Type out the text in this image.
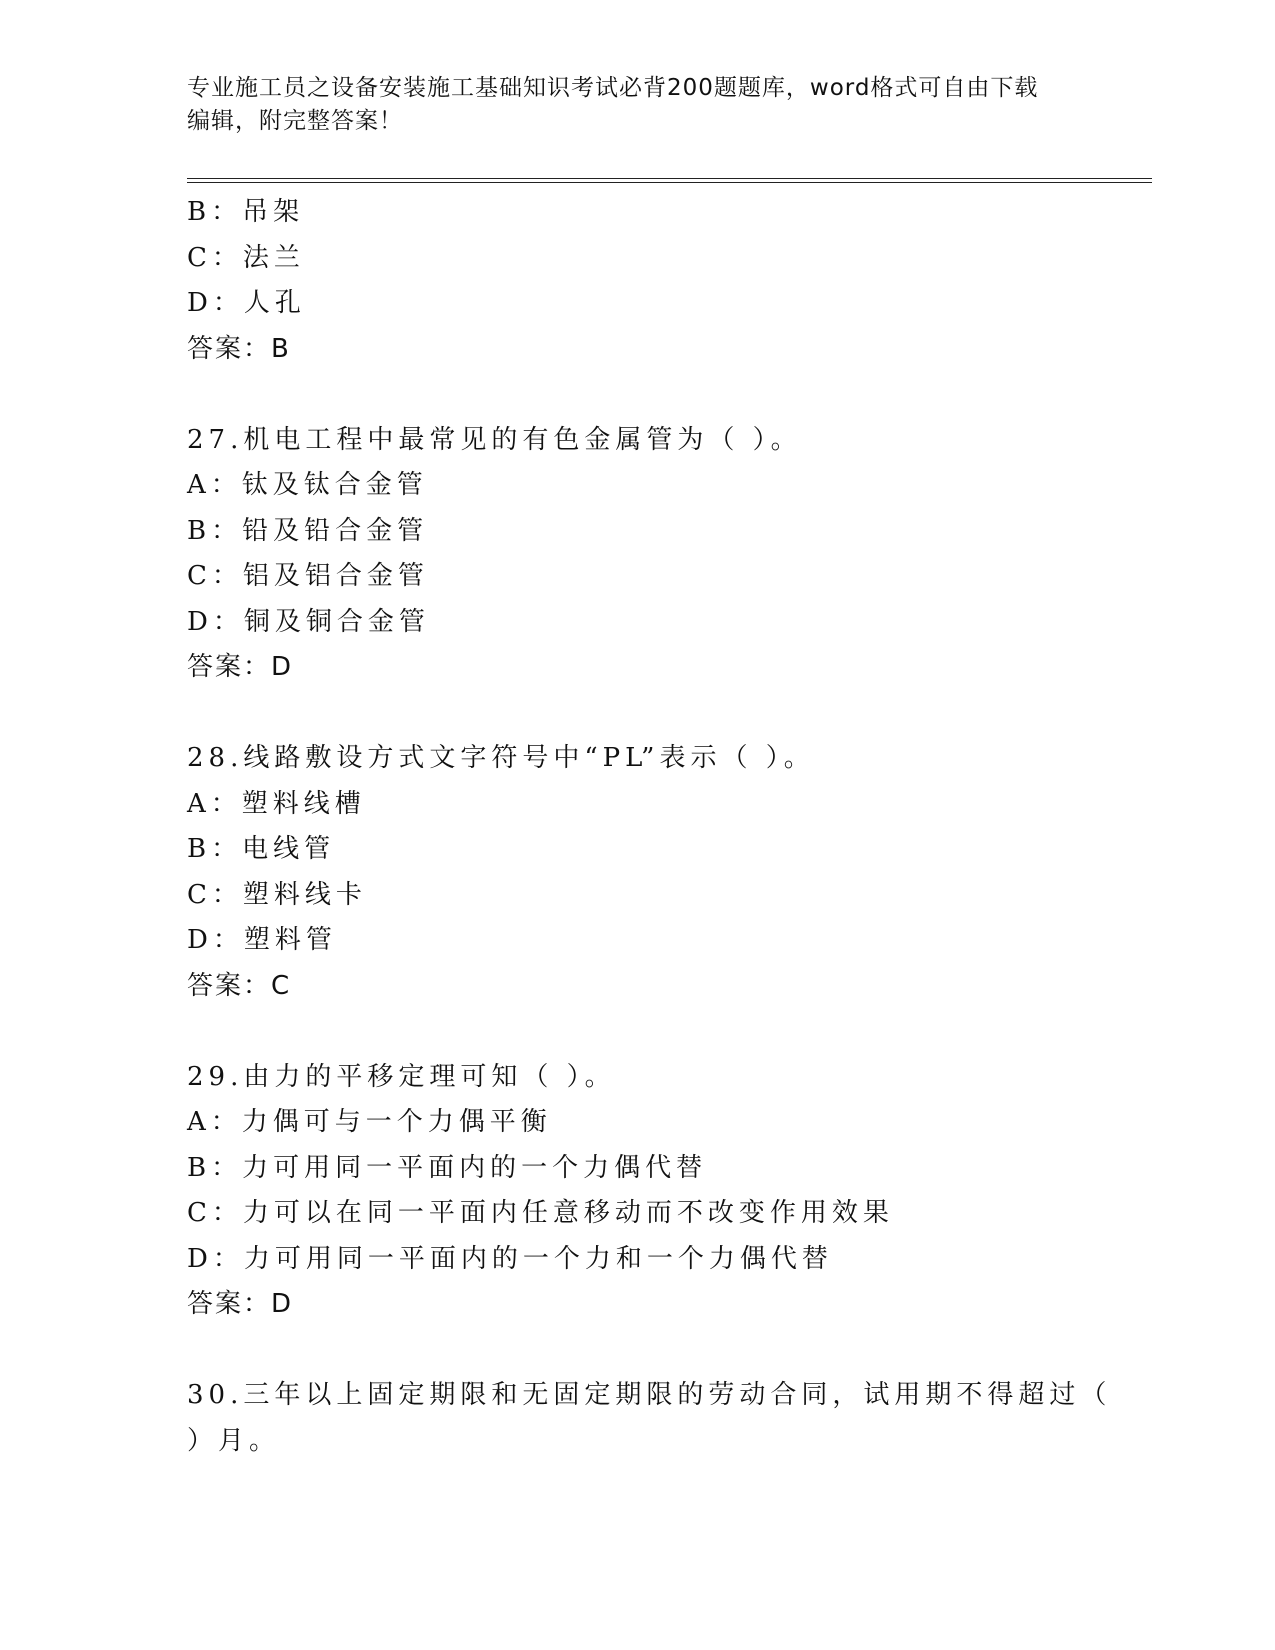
专业施工员之设备安装施工基础知识考试必背200题题库，word格式可自由下载
编辑，附完整答案！
B：吊架
C：法兰
D：人孔
答案：B
27.机电工程中最常见的有色金属管为（ ）。
A：钛及钛合金管
B：铅及铅合金管
C：铝及铝合金管
D：铜及铜合金管
答案：D
28.线路敷设方式文字符号中“PL”表示（ ）。
A：塑料线槽
B：电线管
C：塑料线卡
D：塑料管
答案：C
29.由力的平移定理可知（ ）。
A：力偶可与一个力偶平衡
B：力可用同一平面内的一个力偶代替
C：力可以在同一平面内任意移动而不改变作用效果
D：力可用同一平面内的一个力和一个力偶代替
答案：D
30.三年以上固定期限和无固定期限的劳动合同，试用期不得超过（
）月。
